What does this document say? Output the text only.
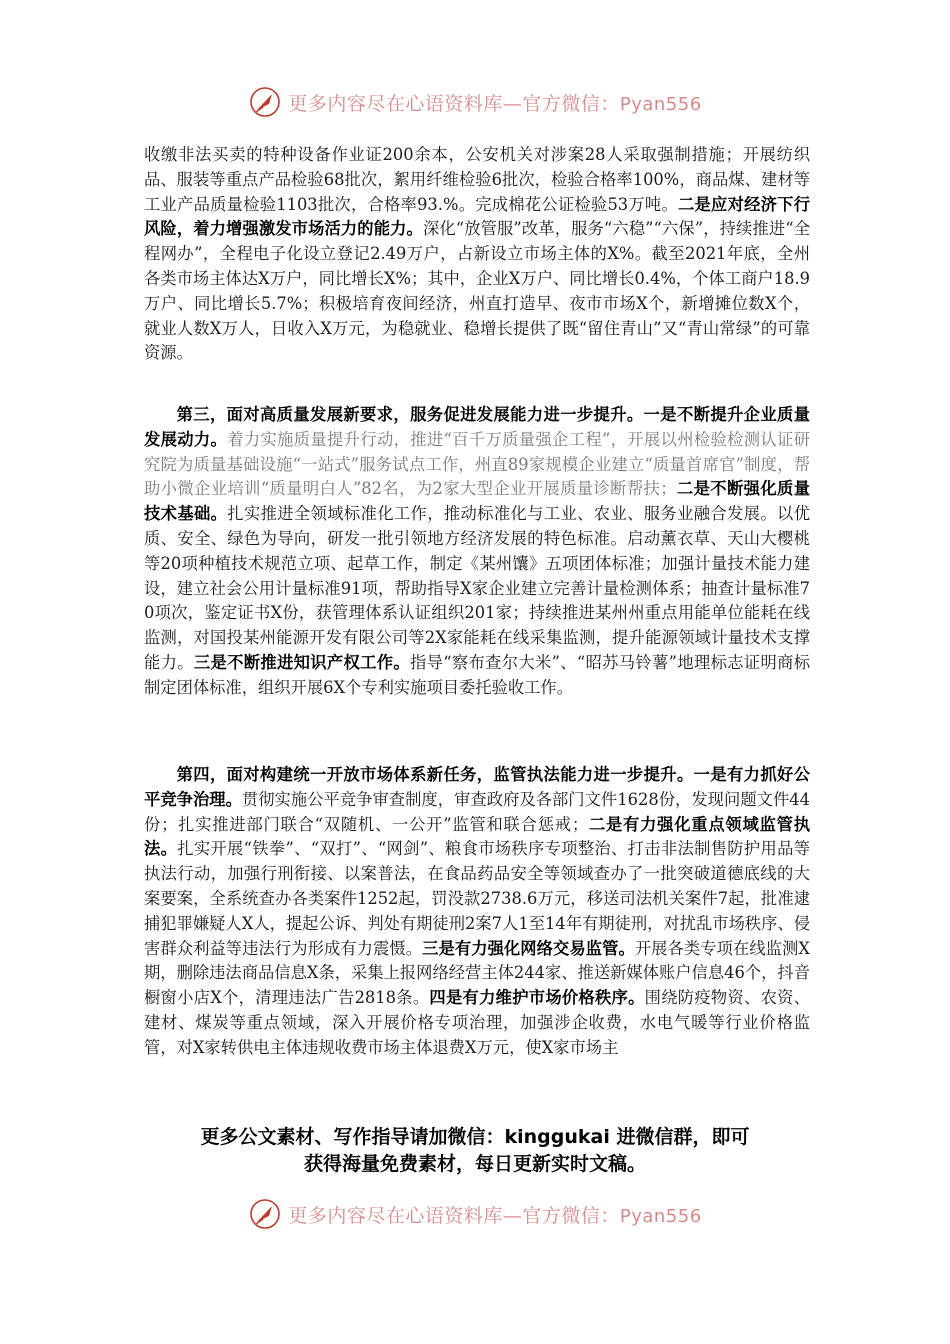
更多内容尽在心语资料库—官方微信：Pyan556

收缴非法买卖的特种设备作业证200余本，公安机关对涉案28人采取强制措施；开展纺织品、服装等重点产品检验68批次，絮用纤维检验6批次，检验合格率100%，商品煤、建材等工业产品质量检验1103批次，合格率93.%。完成棉花公证检验53万吨。二是应对经济下行风险，着力增强激发市场活力的能力。深化“放管服”改革，服务“六稳”“六保”，持续推进“全程网办”，全程电子化设立登记2.49万户，占新设立市场主体的X%。截至2021年底，全州各类市场主体达X万户，同比增长X%；其中，企业X万户、同比增长0.4%，个体工商户18.9万户、同比增长5.7%；积极培育夜间经济，州直打造早、夜市市场X个，新增摊位数X个，就业人数X万人，日收入X万元，为稳就业、稳增长提供了既“留住青山”又“青山常绿”的可靠资源。

第三，面对高质量发展新要求，服务促进发展能力进一步提升。一是不断提升企业质量发展动力。着力实施质量提升行动，推进“百千万质量强企工程”，开展以州检验检测认证研究院为质量基础设施“一站式”服务试点工作，州直89家规模企业建立“质量首席官”制度，帮助小微企业培训“质量明白人”82名，为2家大型企业开展质量诊断帮扶；二是不断强化质量技术基础。扎实推进全领域标准化工作，推动标准化与工业、农业、服务业融合发展。以优质、安全、绿色为导向，研发一批引领地方经济发展的特色标准。启动薰衣草、天山大樱桃等20项种植技术规范立项、起草工作，制定《某州馕》五项团体标准；加强计量技术能力建设，建立社会公用计量标准91项，帮助指导X家企业建立完善计量检测体系；抽查计量标准70项次，鉴定证书X份，获管理体系认证组织201家；持续推进某州州重点用能单位能耗在线监测，对国投某州能源开发有限公司等2X家能耗在线采集监测，提升能源领域计量技术支撑能力。三是不断推进知识产权工作。指导“察布查尔大米”、“昭苏马铃薯”地理标志证明商标制定团体标准，组织开展6X个专利实施项目委托验收工作。

第四，面对构建统一开放市场体系新任务，监管执法能力进一步提升。一是有力抓好公平竞争治理。贯彻实施公平竞争审查制度，审查政府及各部门文件1628份，发现问题文件44份；扎实推进部门联合“双随机、一公开”监管和联合惩戒；二是有力强化重点领域监管执法。扎实开展“铁拳”、“双打”、“网剑”、粮食市场秩序专项整治、打击非法制售防护用品等执法行动，加强行刑衔接、以案普法，在食品药品安全等领域查办了一批突破道德底线的大案要案，全系统查办各类案件1252起，罚没款2738.6万元，移送司法机关案件7起，批准逮捕犯罪嫌疑人X人，提起公诉、判处有期徒刑2案7人1至14年有期徒刑，对扰乱市场秩序、侵害群众利益等违法行为形成有力震慑。三是有力强化网络交易监管。开展各类专项在线监测X期，删除违法商品信息X条，采集上报网络经营主体244家、推送新媒体账户信息46个，抖音橱窗小店X个，清理违法广告2818条。四是有力维护市场价格秩序。围绕防疫物资、农资、建材、煤炭等重点领域，深入开展价格专项治理，加强涉企收费，水电气暖等行业价格监管，对X家转供电主体违规收费市场主体退费X万元，使X家市场主

更多公文素材、写作指导请加微信：kinggukai 进微信群，即可
获得海量免费素材，每日更新实时文稿。
更多内容尽在心语资料库—官方微信：Pyan556
